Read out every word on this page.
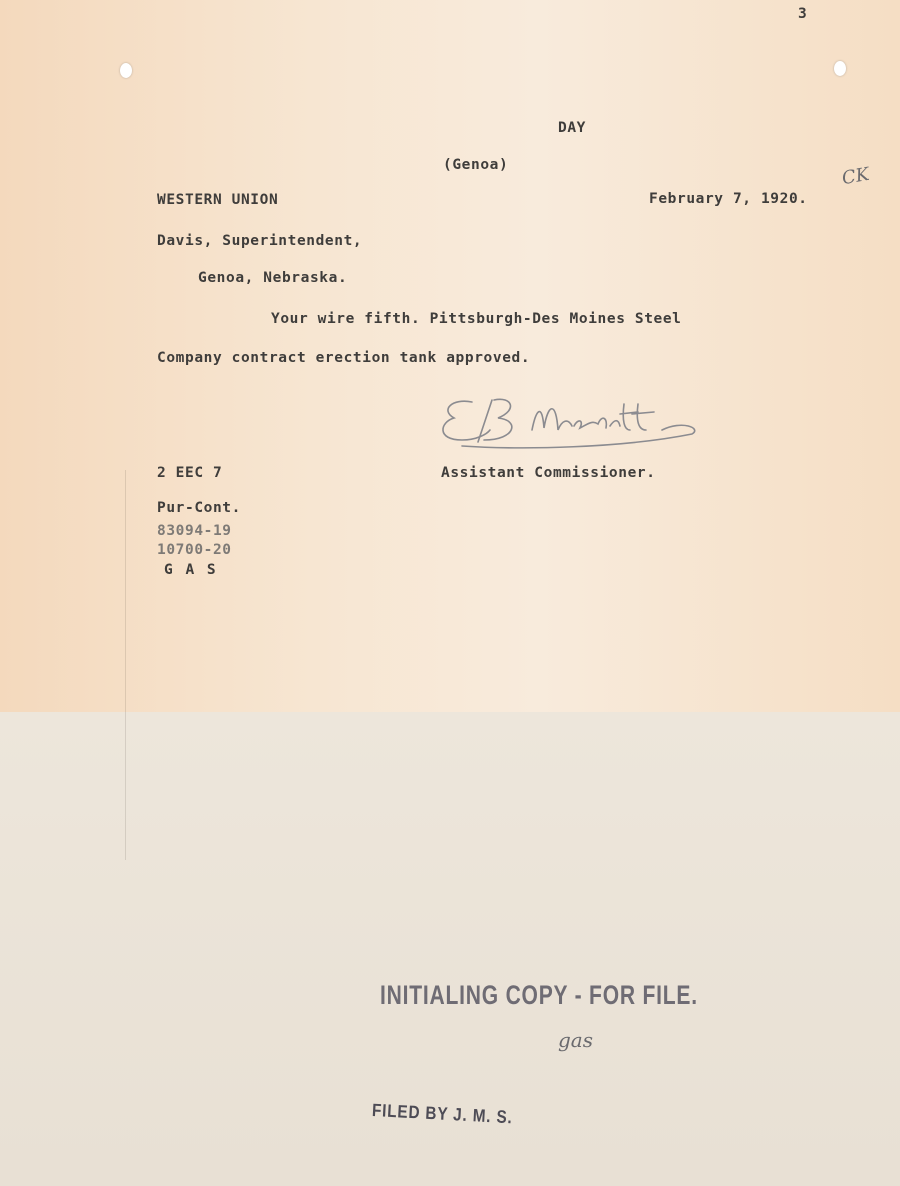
3
DAY
(Genoa)
WESTERN UNION	February 7, 1920.
CK
Davis, Superintendent,
Genoa, Nebraska.
Your wire fifth. Pittsburgh-Des Moines Steel
Company contract erection tank approved.
2 EEC 7	Assistant Commissioner.
Pur-Cont.
83094-19
10700-20
G A S
INITIALING COPY - FOR FILE.
gas
FILED BY J. M. S.
